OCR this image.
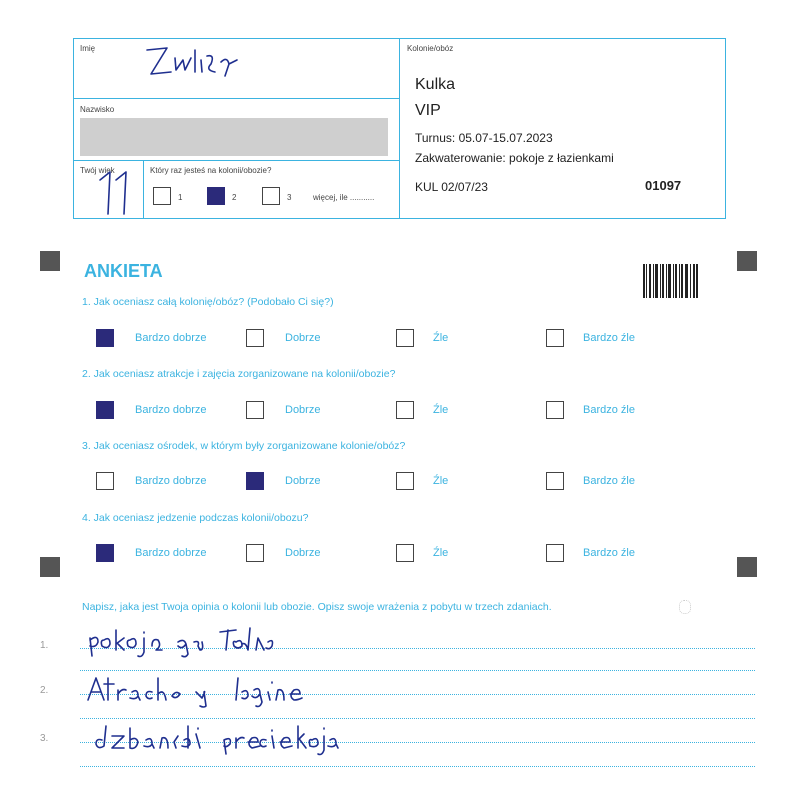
Imię
Nazwisko
Twój wiek	Który raz jesteś na kolonii/obozie?
1	2	3	więcej, ile ...........
Kolonie/obóz
Kulka
VIP
Turnus: 05.07-15.07.2023
Zakwaterowanie: pokoje z łazienkami
KUL 02/07/23	01097
ANKIETA
1. Jak oceniasz całą kolonię/obóz? (Podobało Ci się?)
Bardzo dobrze	Dobrze	Źle	Bardzo źle
2. Jak oceniasz atrakcje i zajęcia zorganizowane na kolonii/obozie?
Bardzo dobrze	Dobrze	Źle	Bardzo źle
3. Jak oceniasz ośrodek, w którym były zorganizowane kolonie/obóz?
Bardzo dobrze	Dobrze	Źle	Bardzo źle
4. Jak oceniasz jedzenie podczas kolonii/obozu?
Bardzo dobrze	Dobrze	Źle	Bardzo źle
Napisz, jaka jest Twoja opinia o kolonii lub obozie. Opisz swoje wrażenia z pobytu w trzech zdaniach.
1.
2.
3.
